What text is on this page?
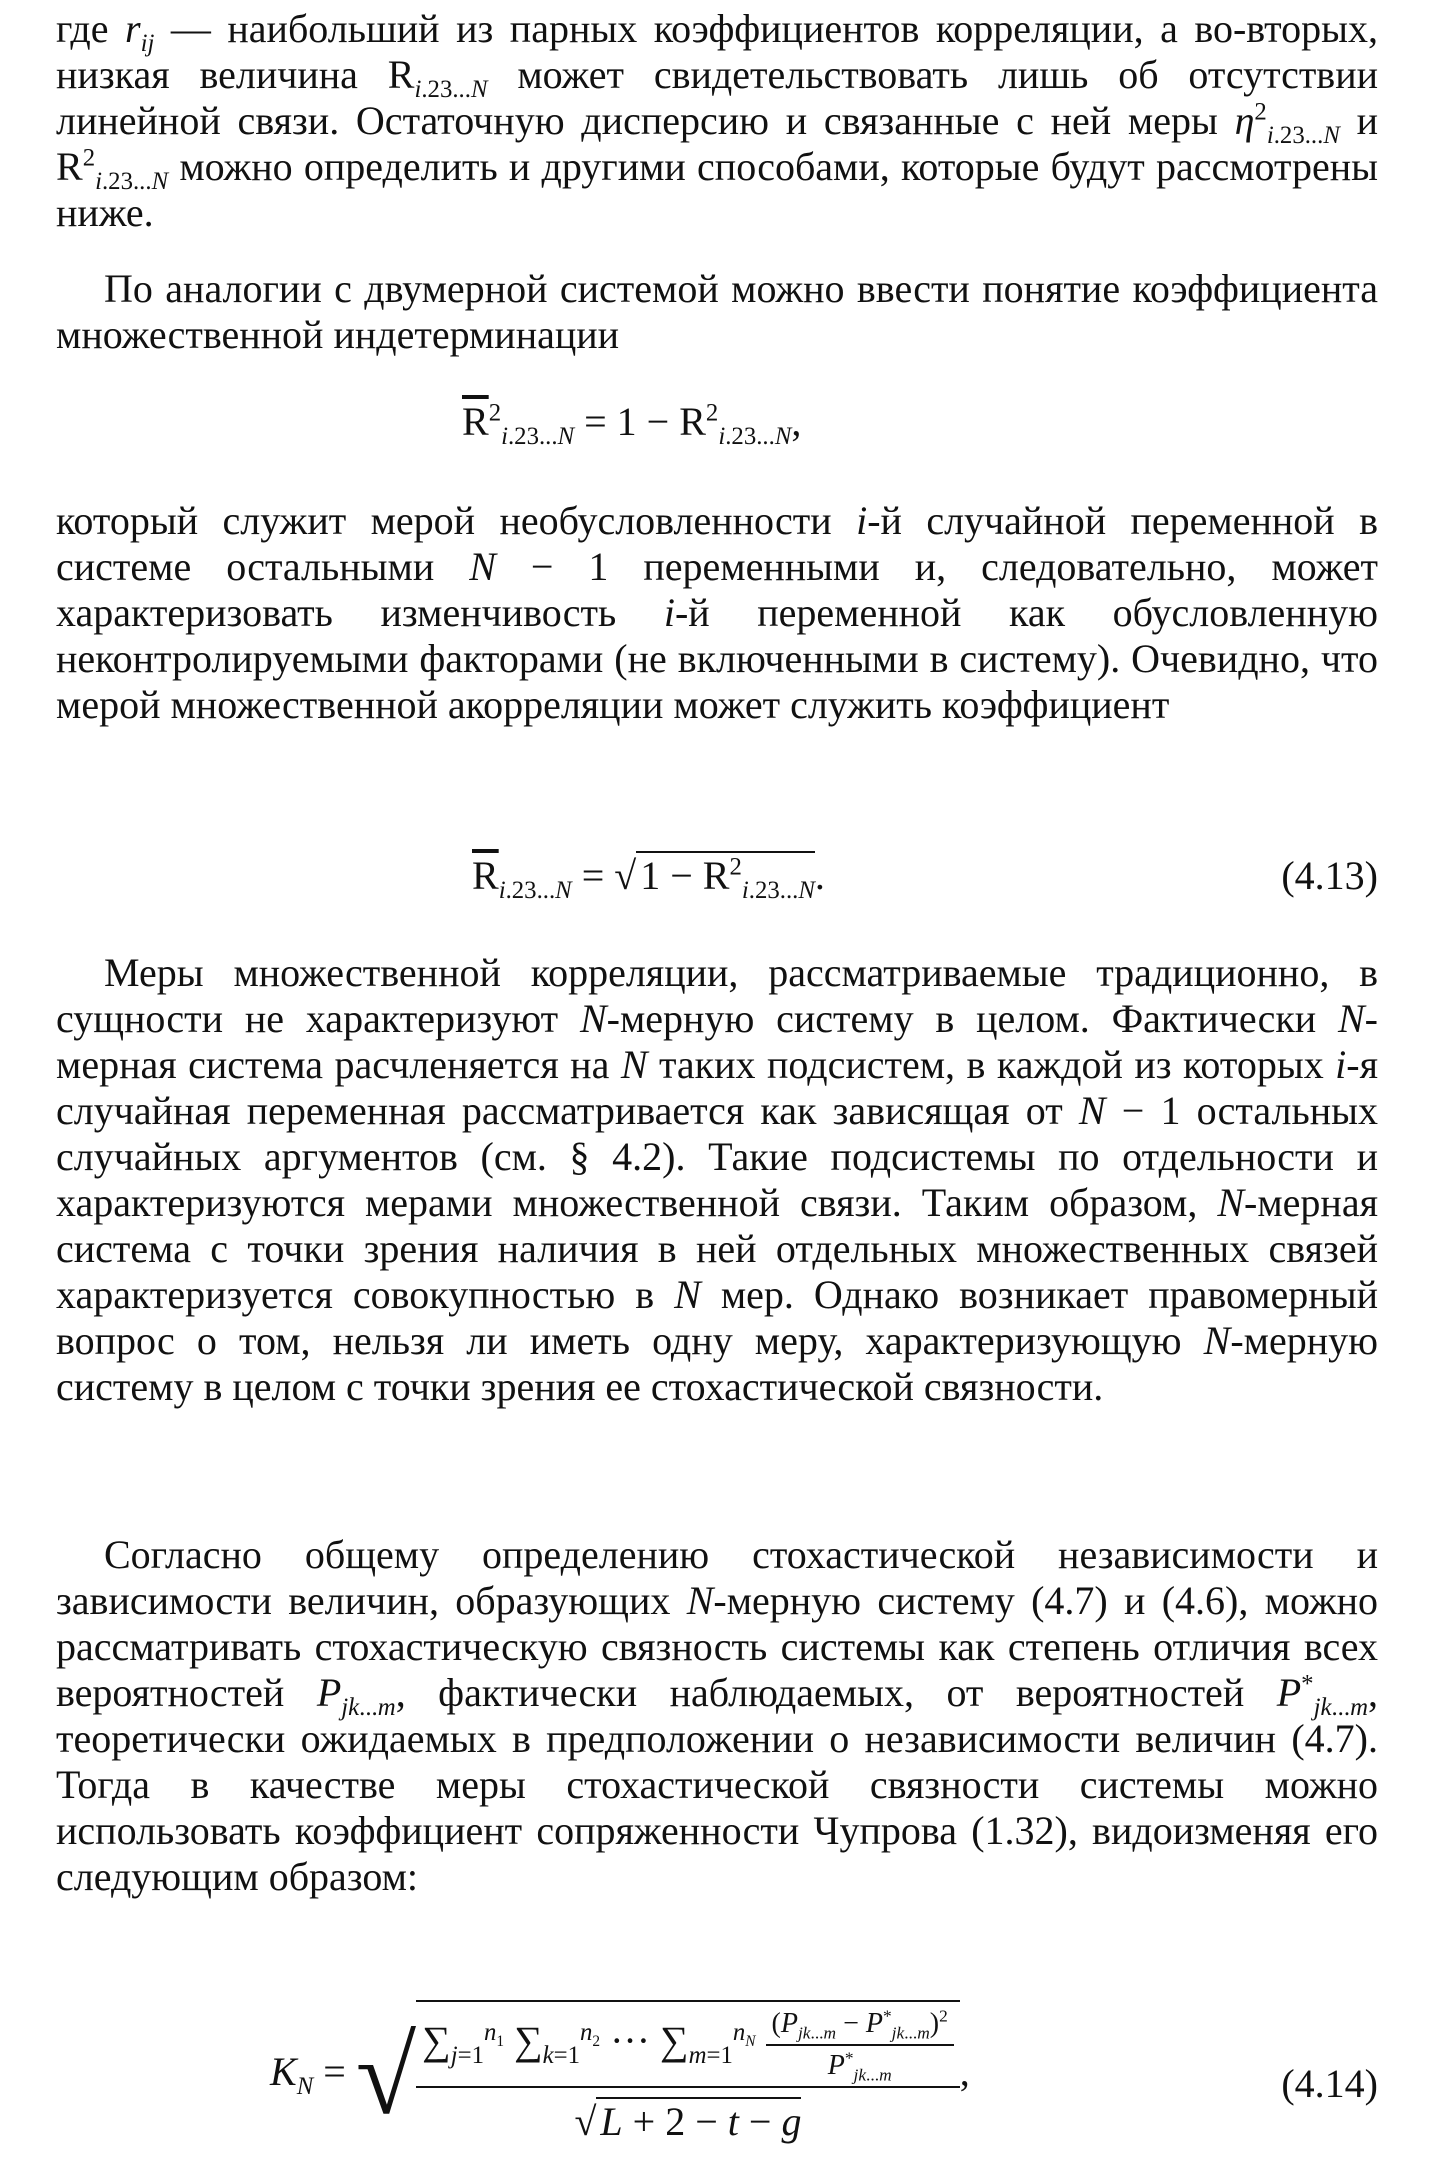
где $r_{ij}$ — наибольший из парных коэффициентов корреляции, а во-вторых, низкая величина $R_{i.23...N}$ может свидетельствовать лишь об отсутствии линейной связи. Остаточную дисперсию и связанные с ней меры $\eta^2_{i.23...N}$ и $R^2_{i.23...N}$ можно определить и другими способами, которые будут рассмотрены ниже.

По аналогии с двумерной системой можно ввести понятие коэффициента множественной индетерминации

$\overline{R}^2_{i.23...N} = 1 - R^2_{i.23...N}$,

который служит мерой необусловленности i-й случайной переменной в системе остальными N − 1 переменными и, следовательно, может характеризовать изменчивость i-й переменной как обусловленную неконтролируемыми факторами (не включенными в систему). Очевидно, что мерой множественной акорреляции может служить коэффициент

$\overline{R}_{i.23...N}$ = √ $1 - R^2_{i.23...N}$.	(4.13)

Меры множественной корреляции, рассматриваемые традиционно, в сущности не характеризуют N-мерную систему в целом. Фактически N-мерная система расчленяется на N таких подсистем, в каждой из которых i-я случайная переменная рассматривается как зависящая от N − 1 остальных случайных аргументов (см. § 4.2). Такие подсистемы по отдельности и характеризуются мерами множественной связи. Таким образом, N-мерная система с точки зрения наличия в ней отдельных множественных связей характеризуется совокупностью в N мер. Однако возникает правомерный вопрос о том, нельзя ли иметь одну меру, характеризующую N-мерную систему в целом с точки зрения ее стохастической связности.

Согласно общему определению стохастической независимости и зависимости величин, образующих N-мерную систему (4.7) и (4.6), можно рассматривать стохастическую связность системы как степень отличия всех вероятностей $P_{jk...m}$, фактически наблюдаемых, от вероятностей $P^*_{jk...m}$, теоретически ожидаемых в предположении о независимости величин (4.7). Тогда в качестве меры стохастической связности системы можно использовать коэффициент сопряженности Чупрова (1.32), видоизменяя его следующим образом:

$K_N$ = √ $\frac{\sum_{j=1}^{n_1} \sum_{k=1}^{n_2} \cdot\cdot\cdot \sum_{m=1}^{n_N} \frac{(P_{jk...m} - P^*_{jk...m})^2}{P^*_{jk...m}}}{√ L + 2 - t - g}$ ,	(4.14)
